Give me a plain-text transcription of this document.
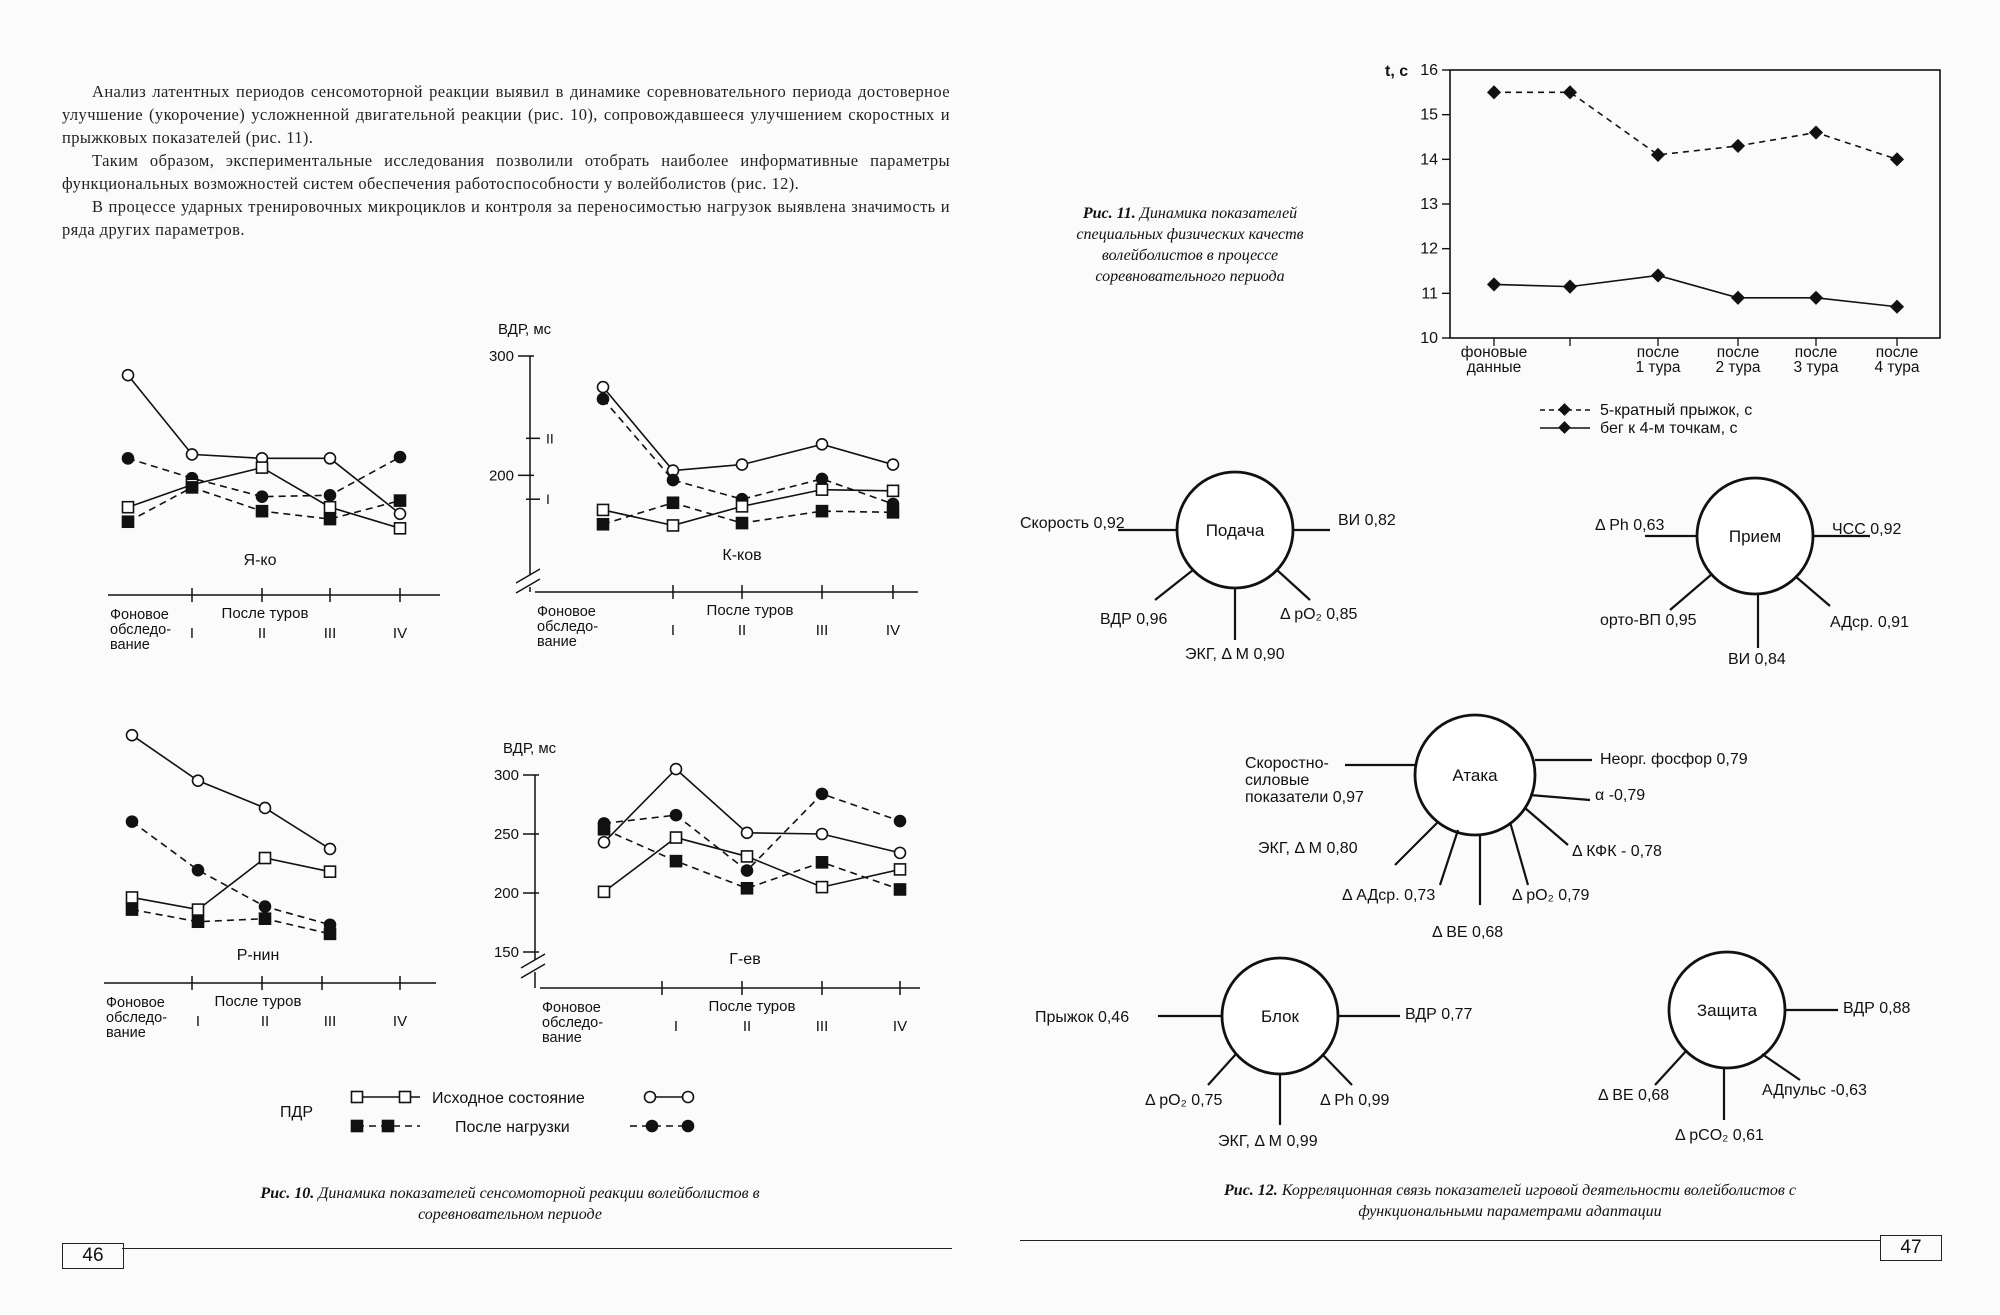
Анализ латентных периодов сенсомоторной реакции выявил в динамике соревновательного периода достоверное улучшение (укорочение) усложненной двигательной реакции (рис. 10), сопровождавшееся улучшением скоростных и прыжковых показателей (рис. 11).

Таким образом, экспериментальные исследования позволили отобрать наиболее информативные параметры функциональных возможностей систем обеспечения работоспособности у волейболистов (рис. 12).

В процессе ударных тренировочных микроциклов и контроля за переносимостью нагрузок выявлена значимость и ряда других параметров.

Я-ко
Фоновое
обследо-
вание
После туров
I	II	III	IV
ВДР, мс
300
200
II
I
К-ков
Фоновое
обследо-
вание
После туров
I	II	III	IV
Р-нин
Фоновое
обследо-
вание
После туров
I	II	III	IV
ВДР, мс
300
250
200
150	Г-ев
Фоновое
обследо-
вание
После туров
I	II	III	IV
ПДР
Исходное состояние
После нагрузки
Рис. 10. Динамика показателей сенсомоторной реакции волейболистов в соревновательном периоде
46
Рис. 11. Динамика показателей специальных физических качеств волейболистов в процессе соревновательного периода
t, с
10
11
12
13
14
15
16
фоновые
данные
после
1 тура
после
2 тура
после
3 тура
после
4 тура
5-кратный прыжок, с
бег к 4-м точкам, с
Подача
Скорость 0,92	ВИ 0,82
ВДР 0,96
ЭКГ, Δ М 0,90
Δ pO₂ 0,85
Прием
Δ Ph 0,63	ЧСС 0,92
орто-ВП 0,95
ВИ 0,84
АДср. 0,91
Атака
Скоростно-
силовые
показатели 0,97
Неорг. фосфор 0,79
α -0,79
ЭКГ, Δ М 0,80	Δ КФК - 0,78
Δ АДср. 0,73	Δ pO₂ 0,79
Δ BE 0,68
Блок
Прыжок 0,46	ВДР 0,77
Δ pO₂ 0,75	Δ Ph 0,99
ЭКГ, Δ М 0,99
Защита	ВДР 0,88
Δ BE 0,68	АДпульс -0,63
Δ pCO₂ 0,61
Рис. 12. Корреляционная связь показателей игровой деятельности волейболистов с функциональными параметрами адаптации
47
